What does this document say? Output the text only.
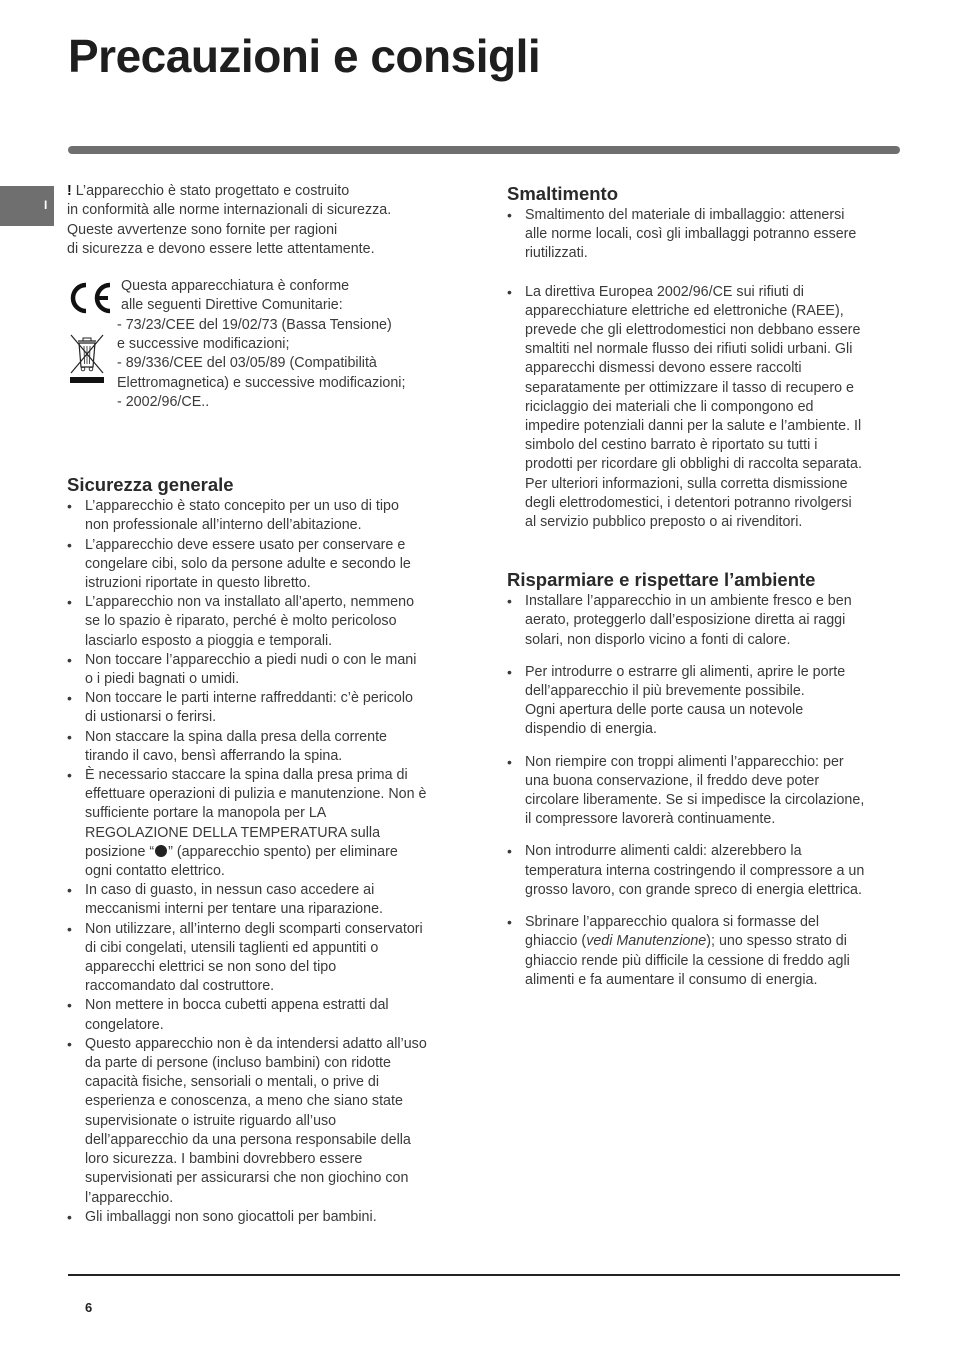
Precauzioni e consigli
I

! L’apparecchio è stato progettato e costruito
in conformità alle norme internazionali di sicurezza.
Queste avvertenze sono fornite per ragioni
di sicurezza e devono essere lette attentamente.

Questa apparecchiatura è conforme
alle seguenti Direttive Comunitarie:
- 73/23/CEE del 19/02/73 (Bassa Tensione)
e successive modificazioni;
- 89/336/CEE del 03/05/89 (Compatibilità
Elettromagnetica) e successive modificazioni;
- 2002/96/CE..
Sicurezza generale
• L’apparecchio è stato concepito per un uso di tipo
non professionale all’interno dell’abitazione.
• L’apparecchio deve essere usato per conservare e
congelare cibi, solo da persone adulte e secondo le
istruzioni riportate in questo libretto.
• L’apparecchio non va installato all’aperto, nemmeno
se lo spazio è riparato, perché è molto pericoloso
lasciarlo esposto a pioggia e temporali.
• Non toccare l’apparecchio a piedi nudi o con le mani
o i piedi bagnati o umidi.
• Non toccare le parti interne raffreddanti: c’è pericolo
di ustionarsi o ferirsi.
• Non staccare la spina dalla presa della corrente
tirando il cavo, bensì afferrando la spina.
• È necessario staccare la spina dalla presa prima di
effettuare operazioni di pulizia e manutenzione. Non è
sufficiente portare la manopola per LA
REGOLAZIONE DELLA TEMPERATURA sulla
posizione “ ” (apparecchio spento) per eliminare
ogni contatto elettrico.
• In caso di guasto, in nessun caso accedere ai
meccanismi interni per tentare una riparazione.
• Non utilizzare, all’interno degli scomparti conservatori
di cibi congelati, utensili taglienti ed appuntiti o
apparecchi elettrici se non sono del tipo
raccomandato dal costruttore.
• Non mettere in bocca cubetti appena estratti dal
congelatore.
• Questo apparecchio non è da intendersi adatto all’uso
da parte di persone (incluso bambini) con ridotte
capacità fisiche, sensoriali o mentali, o prive di
esperienza e conoscenza, a meno che siano state
supervisionate o istruite riguardo all’uso
dell’apparecchio da una persona responsabile della
loro sicurezza. I bambini dovrebbero essere
supervisionati per assicurarsi che non giochino con
l’apparecchio.
• Gli imballaggi non sono giocattoli per bambini.
Smaltimento
• Smaltimento del materiale di imballaggio: attenersi
alle norme locali, così gli imballaggi potranno essere
riutilizzati.
• La direttiva Europea 2002/96/CE sui rifiuti di
apparecchiature elettriche ed elettroniche (RAEE),
prevede che gli elettrodomestici non debbano essere
smaltiti nel normale flusso dei rifiuti solidi urbani. Gli
apparecchi dismessi devono essere raccolti
separatamente per ottimizzare il tasso di recupero e
riciclaggio dei materiali che li compongono ed
impedire potenziali danni per la salute e l’ambiente. Il
simbolo del cestino barrato è riportato su tutti i
prodotti per ricordare gli obblighi di raccolta separata.
Per ulteriori informazioni, sulla corretta dismissione
degli elettrodomestici, i detentori potranno rivolgersi
al servizio pubblico preposto o ai rivenditori.
Risparmiare e rispettare l’ambiente
• Installare l’apparecchio in un ambiente fresco e ben
aerato, proteggerlo dall’esposizione diretta ai raggi
solari, non disporlo vicino a fonti di calore.
• Per introdurre o estrarre gli alimenti, aprire le porte
dell’apparecchio il più brevemente possibile.
Ogni apertura delle porte causa un notevole
dispendio di energia.
• Non riempire con troppi alimenti l’apparecchio: per
una buona conservazione, il freddo deve poter
circolare liberamente. Se si impedisce la circolazione,
il compressore lavorerà continuamente.
• Non introdurre alimenti caldi: alzerebbero la
temperatura interna costringendo il compressore a un
grosso lavoro, con grande spreco di energia elettrica.
• Sbrinare l’apparecchio qualora si formasse del
ghiaccio (vedi Manutenzione); uno spesso strato di
ghiaccio rende più difficile la cessione di freddo agli
alimenti e fa aumentare il consumo di energia.
6
